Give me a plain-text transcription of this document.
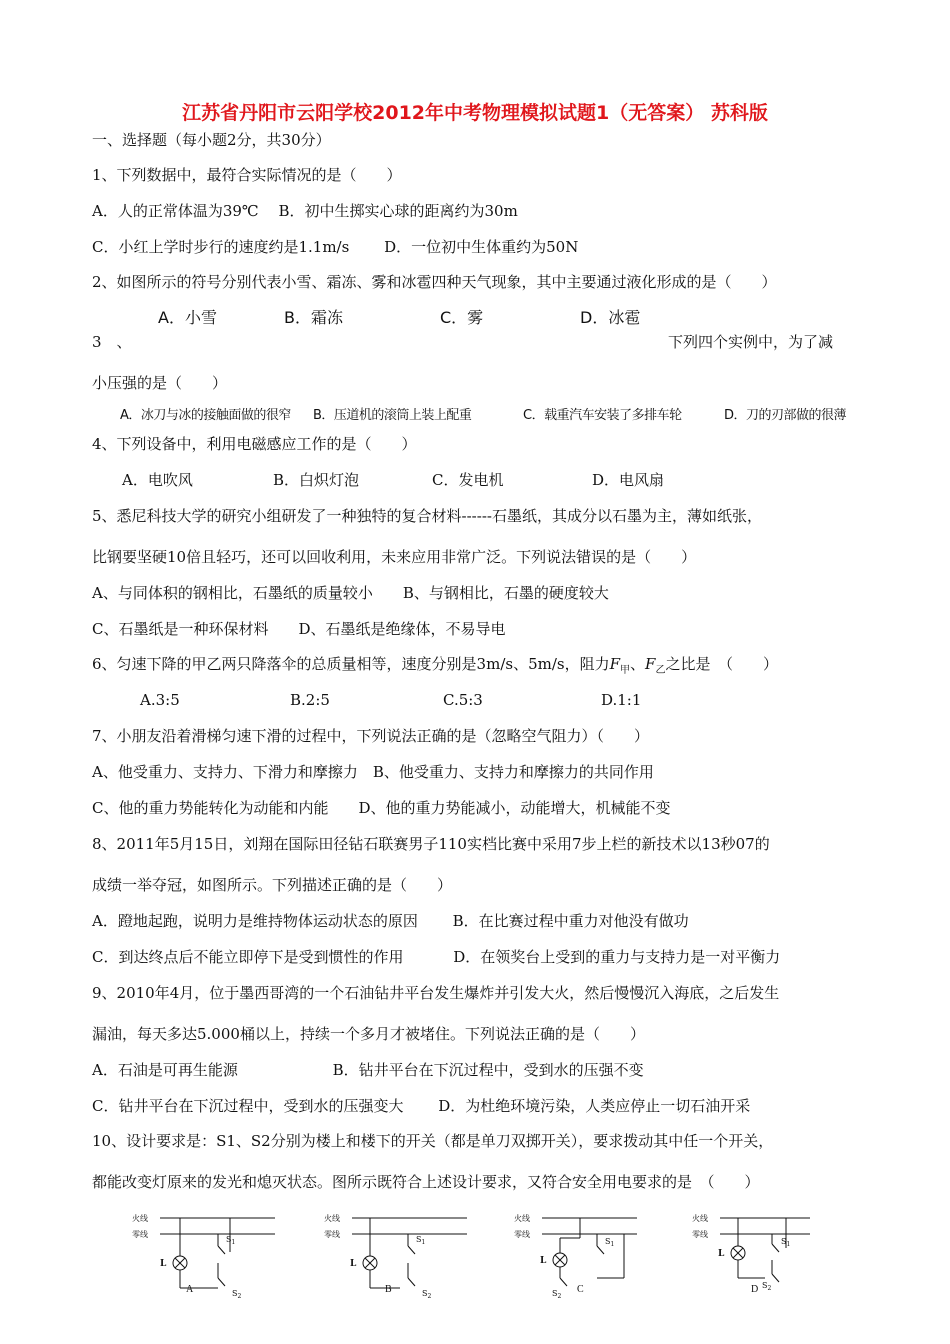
江苏省丹阳市云阳学校2012年中考物理模拟试题1（无答案） 苏科版
一、选择题（每小题2分，共30分）
1、下列数据中，最符合实际情况的是（　　）
A．人的正常体温为39℃　 B．初中生掷实心球的距离约为30m
C．小红上学时步行的速度约是1.1m/s　　 D．一位初中生体重约为50N
2、如图所示的符号分别代表小雪、霜冻、雾和冰雹四种天气现象，其中主要通过液化形成的是（　　）
A．小雪	B．霜冻	C．雾	D．冰雹
3　、	下列四个实例中，为了减
小压强的是（　　）
A．冰刀与冰的接触面做的很窄 B．压道机的滚筒上装上配重	C．载重汽车安装了多排车轮	D．刀的刃部做的很薄
4、下列设备中，利用电磁感应工作的是（　　）
A．电吹风	B．白炽灯泡	C．发电机	D．电风扇
5、悉尼科技大学的研究小组研发了一种独特的复合材料------石墨纸，其成分以石墨为主，薄如纸张，
比钢要坚硬10倍且轻巧，还可以回收利用，未来应用非常广泛。下列说法错误的是（　　）
A、与同体积的钢相比，石墨纸的质量较小　　B、与钢相比，石墨的硬度较大
C、石墨纸是一种环保材料　　D、石墨纸是绝缘体，不易导电
6、匀速下降的甲乙两只降落伞的总质量相等，速度分别是3m/s、5m/s，阻力$F_甲$、$F_乙$之比是　（　　）
A.3:5	B.2:5	C.5:3	D.1:1
7、小朋友沿着滑梯匀速下滑的过程中，下列说法正确的是（忽略空气阻力）（　　）
A、他受重力、支持力、下滑力和摩擦力　B、他受重力、支持力和摩擦力的共同作用
C、他的重力势能转化为动能和内能　　D、他的重力势能减小，动能增大，机械能不变
8、2011年5月15日，刘翔在国际田径钻石联赛男子110实档比赛中采用7步上栏的新技术以13秒07的
成绩一举夺冠，如图所示。下列描述正确的是（　　）
A．蹬地起跑，说明力是维持物体运动状态的原因　　 B．在比赛过程中重力对他没有做功
C．到达终点后不能立即停下是受到惯性的作用　　　 D．在领奖台上受到的重力与支持力是一对平衡力
9、2010年4月，位于墨西哥湾的一个石油钻井平台发生爆炸并引发大火，然后慢慢沉入海底，之后发生
漏油，每天多达5.000桶以上，持续一个多月才被堵住。下列说法正确的是（　　）
A．石油是可再生能源　　　　　　 B．钻井平台在下沉过程中，受到水的压强不变
C．钻井平台在下沉过程中，受到水的压强变大　　 D．为杜绝环境污染，人类应停止一切石油开采
10、设计要求是：S1、S2分别为楼上和楼下的开关（都是单刀双掷开关），要求拨动其中任一个开关，
都能改变灯原来的发光和熄灭状态。图所示既符合上述设计要求，又符合安全用电要求的是　（　　）
火线
零线
L
$S_1$
$S_2$
A
火线
零线
L
$S_1$
$S_2$
B
火线
零线
L
$S_1$
$S_2$
C
火线
零线
L
$S_1$
$S_2$
D
